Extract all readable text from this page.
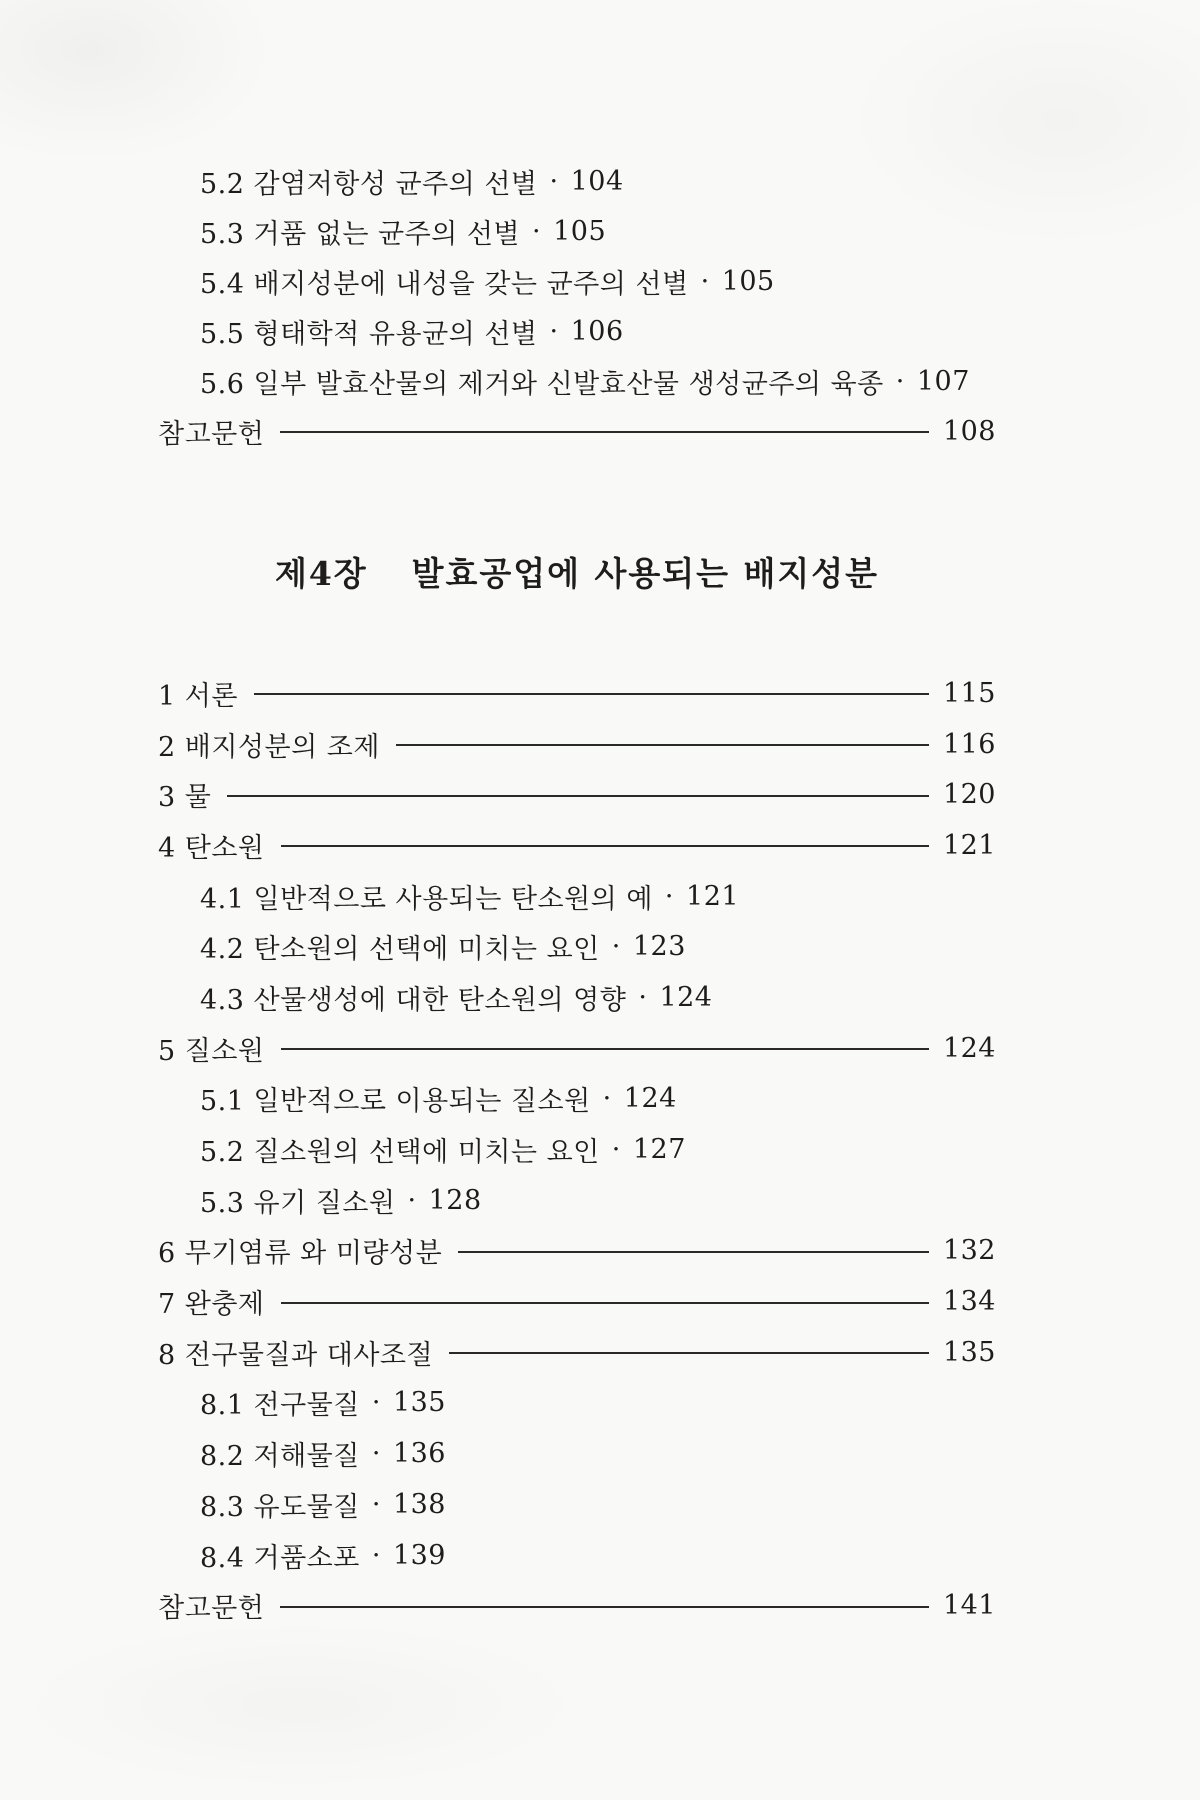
5.2 감염저항성 균주의 선별 · 104
5.3 거품 없는 균주의 선별 · 105
5.4 배지성분에 내성을 갖는 균주의 선별 · 105
5.5 형태학적 유용균의 선별 · 106
5.6 일부 발효산물의 제거와 신발효산물 생성균주의 육종 · 107
참고문헌	108
제4장 발효공업에 사용되는 배지성분
1 서론	115
2 배지성분의 조제	116
3 물	120
4 탄소원	121
4.1 일반적으로 사용되는 탄소원의 예 · 121
4.2 탄소원의 선택에 미치는 요인 · 123
4.3 산물생성에 대한 탄소원의 영향 · 124
5 질소원	124
5.1 일반적으로 이용되는 질소원 · 124
5.2 질소원의 선택에 미치는 요인 · 127
5.3 유기 질소원 · 128
6 무기염류 와 미량성분	132
7 완충제	134
8 전구물질과 대사조절	135
8.1 전구물질 · 135
8.2 저해물질 · 136
8.3 유도물질 · 138
8.4 거품소포 · 139
참고문헌	141
